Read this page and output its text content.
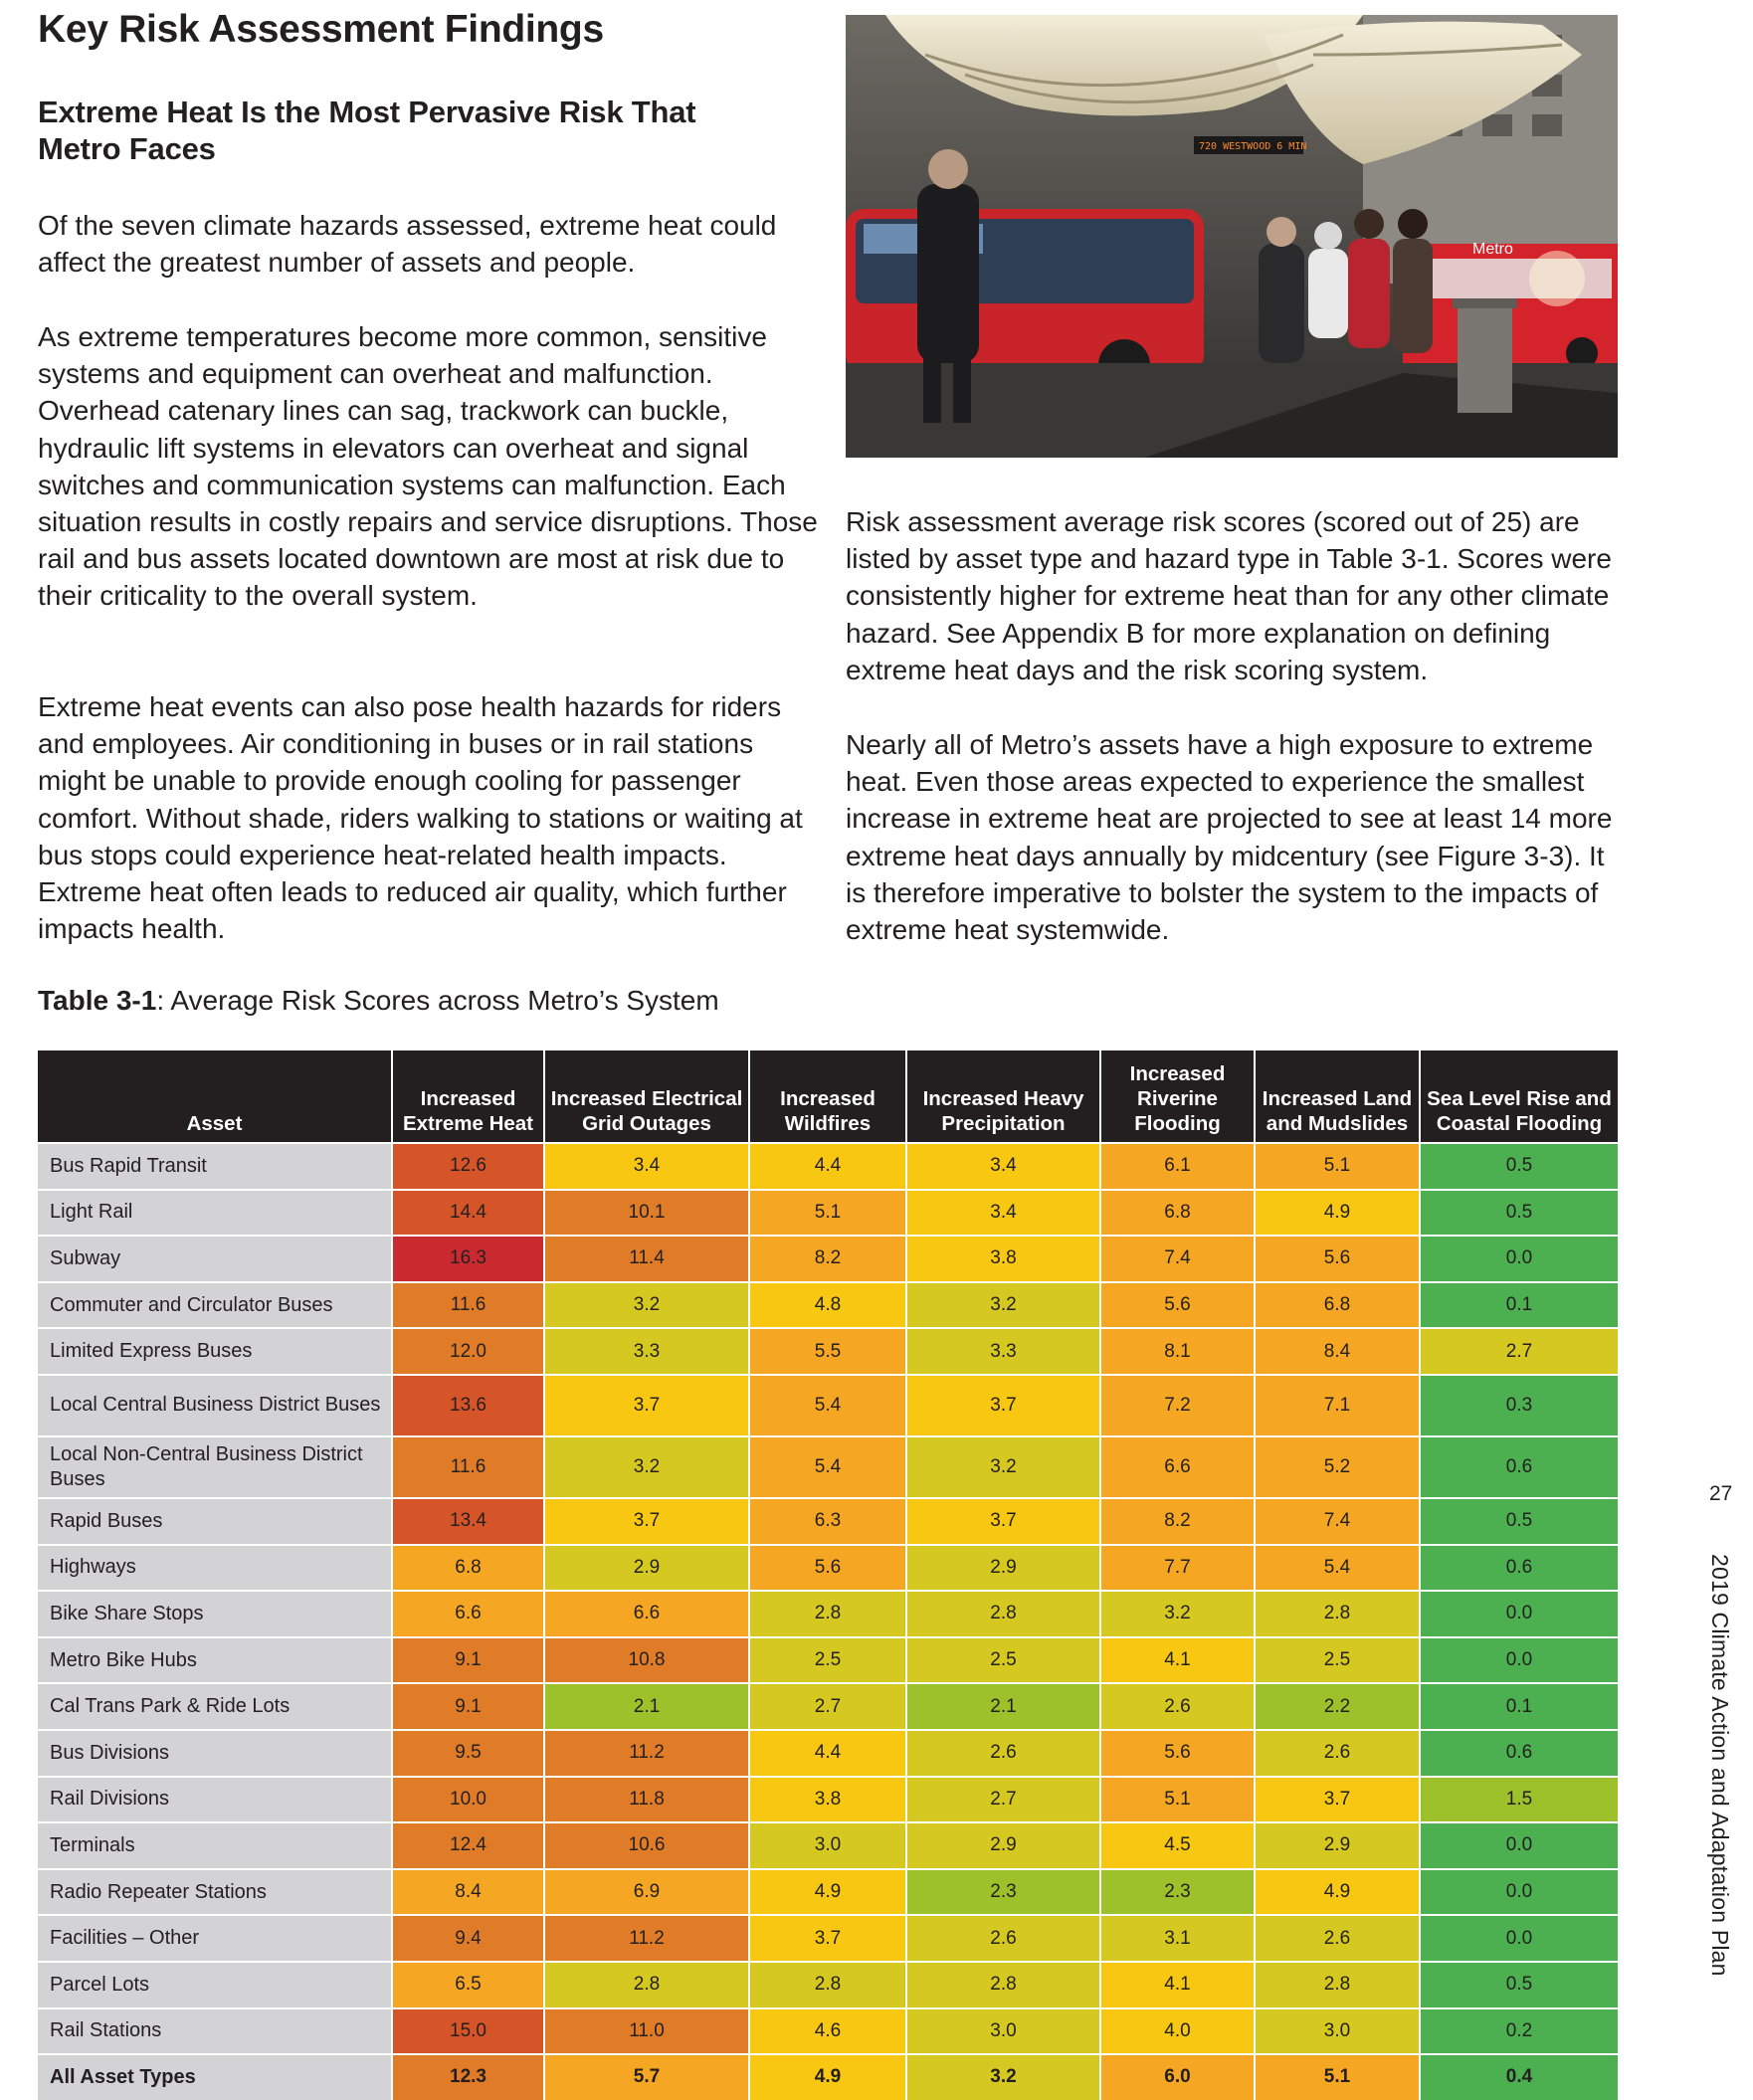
Key Risk Assessment Findings
Extreme Heat Is the Most Pervasive Risk That Metro Faces

Of the seven climate hazards assessed, extreme heat could affect the greatest number of assets and people.

As extreme temperatures become more common, sensitive systems and equipment can overheat and malfunction. Overhead catenary lines can sag, trackwork can buckle, hydraulic lift systems in elevators can overheat and signal switches and communication systems can malfunction. Each situation results in costly repairs and service disruptions. Those rail and bus assets located downtown are most at risk due to their criticality to the overall system.

Extreme heat events can also pose health hazards for riders and employees. Air conditioning in buses or in rail stations might be unable to provide enough cooling for passenger comfort. Without shade, riders walking to stations or waiting at bus stops could experience heat-related health impacts. Extreme heat often leads to reduced air quality, which further impacts health.

720 WESTWOOD 6 MIN
Metro

Risk assessment average risk scores (scored out of 25) are listed by asset type and hazard type in Table 3-1. Scores were consistently higher for extreme heat than for any other climate hazard. See Appendix B for more explanation on defining extreme heat days and the risk scoring system.

Nearly all of Metro’s assets have a high exposure to extreme heat. Even those areas expected to experience the smallest increase in extreme heat are projected to see at least 14 more extreme heat days annually by midcentury (see Figure 3-3). It is therefore imperative to bolster the system to the impacts of extreme heat systemwide.

Table 3-1: Average Risk Scores across Metro’s System

Asset	Increased Extreme Heat	Increased Electrical Grid Outages	Increased Wildfires	Increased Heavy Precipitation	Increased Riverine Flooding	Increased Land and Mudslides	Sea Level Rise and Coastal Flooding
Bus Rapid Transit	12.6	3.4	4.4	3.4	6.1	5.1	0.5
Light Rail	14.4	10.1	5.1	3.4	6.8	4.9	0.5
Subway	16.3	11.4	8.2	3.8	7.4	5.6	0.0
Commuter and Circulator Buses	11.6	3.2	4.8	3.2	5.6	6.8	0.1
Limited Express Buses	12.0	3.3	5.5	3.3	8.1	8.4	2.7
Local Central Business District Buses	13.6	3.7	5.4	3.7	7.2	7.1	0.3
Local Non-Central Business District Buses	11.6	3.2	5.4	3.2	6.6	5.2	0.6
Rapid Buses	13.4	3.7	6.3	3.7	8.2	7.4	0.5
Highways	6.8	2.9	5.6	2.9	7.7	5.4	0.6
Bike Share Stops	6.6	6.6	2.8	2.8	3.2	2.8	0.0
Metro Bike Hubs	9.1	10.8	2.5	2.5	4.1	2.5	0.0
Cal Trans Park & Ride Lots	9.1	2.1	2.7	2.1	2.6	2.2	0.1
Bus Divisions	9.5	11.2	4.4	2.6	5.6	2.6	0.6
Rail Divisions	10.0	11.8	3.8	2.7	5.1	3.7	1.5
Terminals	12.4	10.6	3.0	2.9	4.5	2.9	0.0
Radio Repeater Stations	8.4	6.9	4.9	2.3	2.3	4.9	0.0
Facilities – Other	9.4	11.2	3.7	2.6	3.1	2.6	0.0
Parcel Lots	6.5	2.8	2.8	2.8	4.1	2.8	0.5
Rail Stations	15.0	11.0	4.6	3.0	4.0	3.0	0.2
All Asset Types	12.3	5.7	4.9	3.2	6.0	5.1	0.4
27
2019 Climate Action and Adaptation Plan
